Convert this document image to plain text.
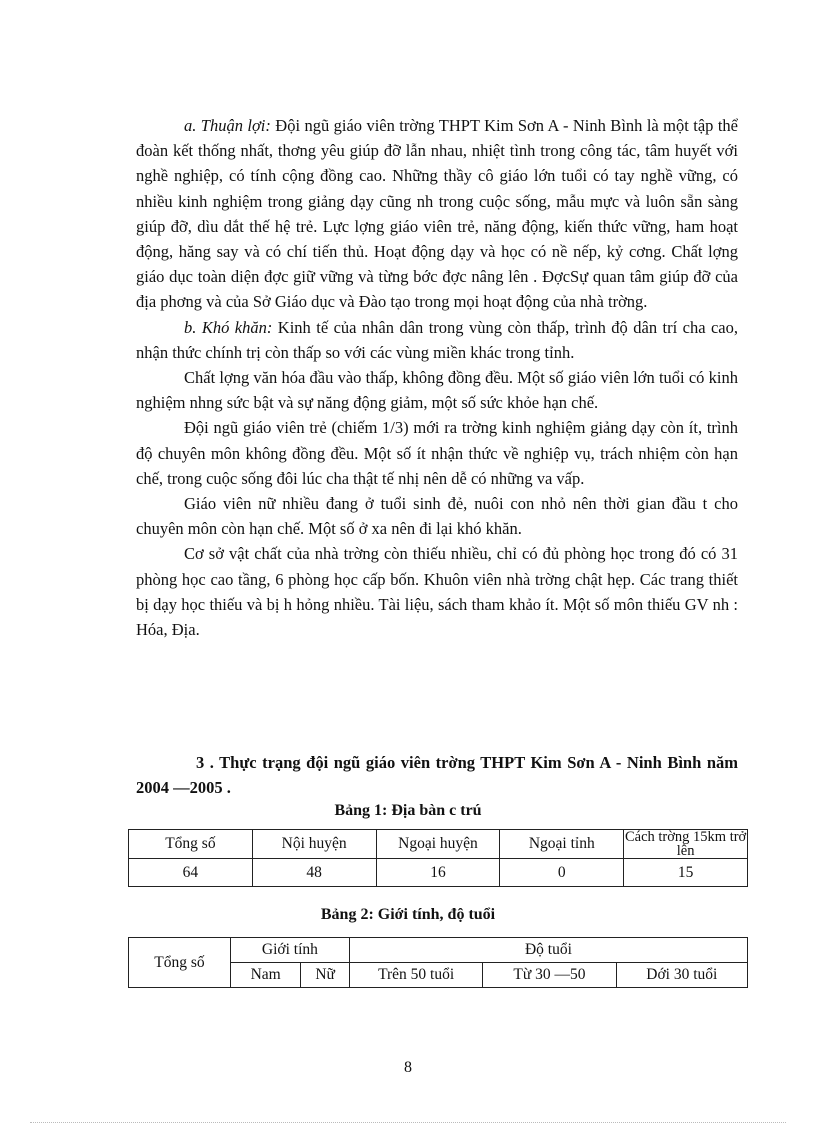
a. Thuận lợi: Đội ngũ giáo viên trờng THPT Kim Sơn A - Ninh Bình là một tập thể đoàn kết thống nhất, thơng yêu giúp đỡ lẫn nhau, nhiệt tình trong công tác, tâm huyết với nghề nghiệp, có tính cộng đồng cao. Những thầy cô giáo lớn tuổi có tay nghề vững, có nhiều kinh nghiệm trong giảng dạy cũng nh trong cuộc sống, mẫu mực và luôn sẵn sàng giúp đỡ, dìu dắt thế hệ trẻ. Lực lợng giáo viên trẻ, năng động, kiến thức vững, ham hoạt động, hăng say và có chí tiến thủ. Hoạt động dạy và học có nề nếp, kỷ cơng. Chất lợng giáo dục toàn diện đợc giữ vững và từng bớc đợc nâng lên . ĐợcSự quan tâm giúp đỡ của địa phơng và của Sở Giáo dục và Đào tạo trong mọi hoạt động của nhà trờng.

b. Khó khăn: Kinh tế của nhân dân trong vùng còn thấp, trình độ dân trí cha cao, nhận thức chính trị còn thấp so với các vùng miền khác trong tỉnh.

Chất lợng văn hóa đầu vào thấp, không đồng đều. Một số giáo viên lớn tuổi có kinh nghiệm nhng sức bật và sự năng động giảm, một số sức khỏe hạn chế.

Đội ngũ giáo viên trẻ (chiếm 1/3) mới ra trờng kinh nghiệm giảng dạy còn ít, trình độ chuyên môn không đồng đều. Một số ít nhận thức về nghiệp vụ, trách nhiệm còn hạn chế, trong cuộc sống đôi lúc cha thật tế nhị nên dễ có những va vấp.

Giáo viên nữ nhiều đang ở tuổi sinh đẻ, nuôi con nhỏ nên thời gian đầu t cho chuyên môn còn hạn chế. Một số ở xa nên đi lại khó khăn.

Cơ sở vật chất của nhà trờng còn thiếu nhiều, chỉ có đủ phòng học trong đó có 31 phòng học cao tầng, 6 phòng học cấp bốn. Khuôn viên nhà trờng chật hẹp. Các trang thiết bị dạy học thiếu và bị h hỏng nhiều. Tài liệu, sách tham khảo ít. Một số môn thiếu GV nh : Hóa, Địa.

3 . Thực trạng đội ngũ giáo viên trờng THPT Kim Sơn A - Ninh Bình năm 2004 —2005 .

Bảng 1: Địa bàn c trú

Tổng số	Nội huyện	Ngoại huyện	Ngoại tỉnh	Cách trờng 15km trở lên
64	48	16	0	15

Bảng 2: Giới tính, độ tuổi

Tổng số	Giới tính		Độ tuổi		
	Nam	Nữ	Trên 50 tuổi	Từ 30 —50	Dới 30 tuổi

8
